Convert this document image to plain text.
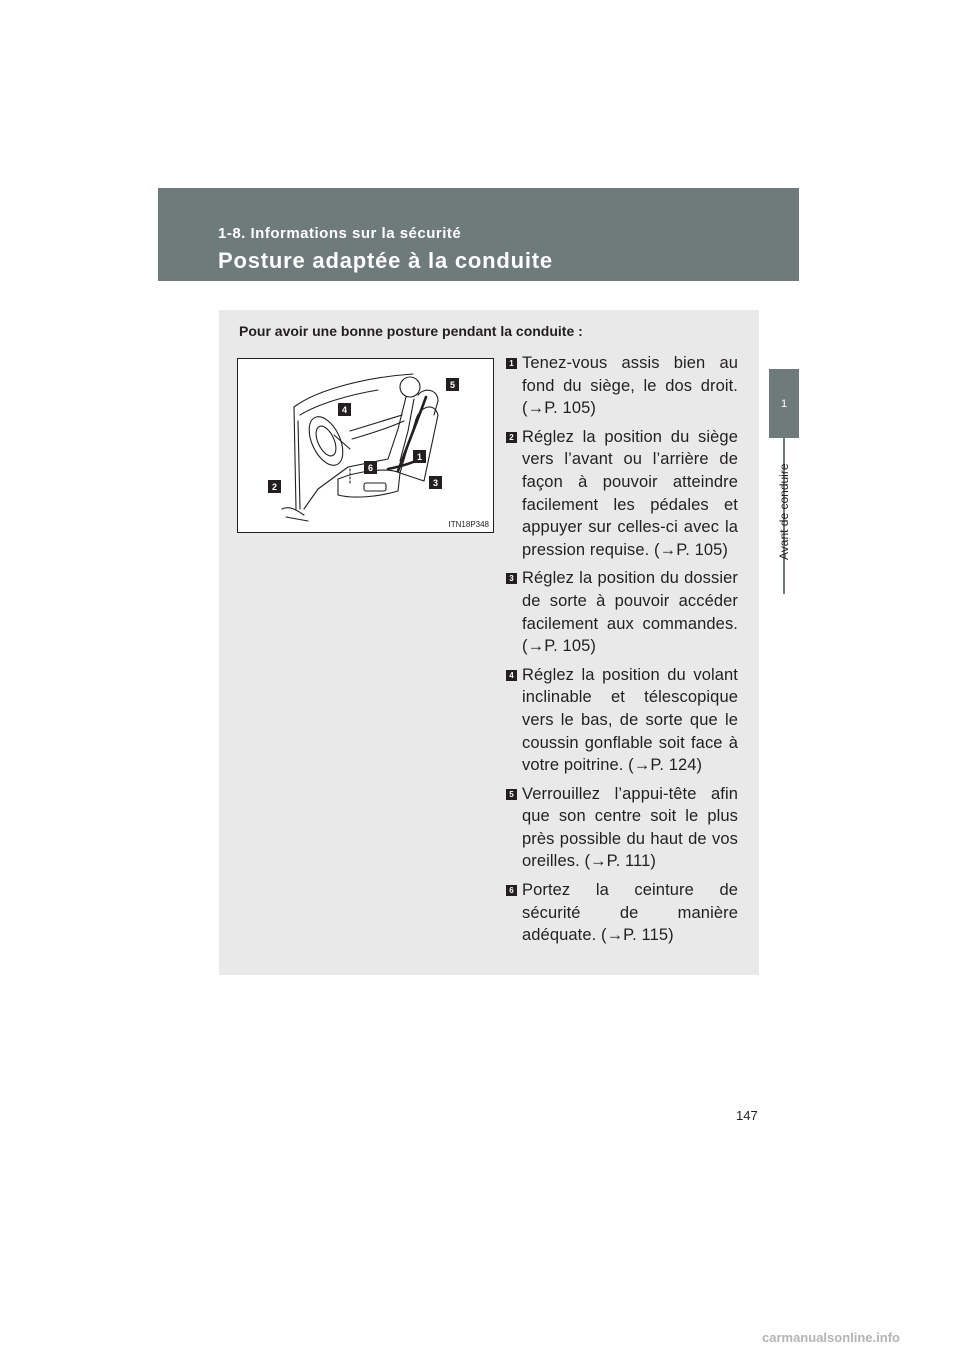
1-8. Informations sur la sécurité
Posture adaptée à la conduite
1
Avant de conduire
Pour avoir une bonne posture pendant la conduite :
1
2	3
4
5
6
ITN18P348
1 Tenez-vous assis bien au fond du siège, le dos droit. (→P. 105)
2 Réglez la position du siège vers l’avant ou l’arrière de façon à pouvoir atteindre facilement les pédales et appuyer sur celles-ci avec la pression requise. (→P. 105)
3 Réglez la position du dossier de sorte à pouvoir accéder facilement aux commandes. (→P. 105)
4 Réglez la position du volant inclinable et télescopique vers le bas, de sorte que le coussin gonflable soit face à votre poitrine. (→P. 124)
5 Verrouillez l’appui-tête afin que son centre soit le plus près possible du haut de vos oreilles. (→P. 111)
6 Portez la ceinture de sécurité de manière adéquate. (→P. 115)
147
carmanualsonline.info
